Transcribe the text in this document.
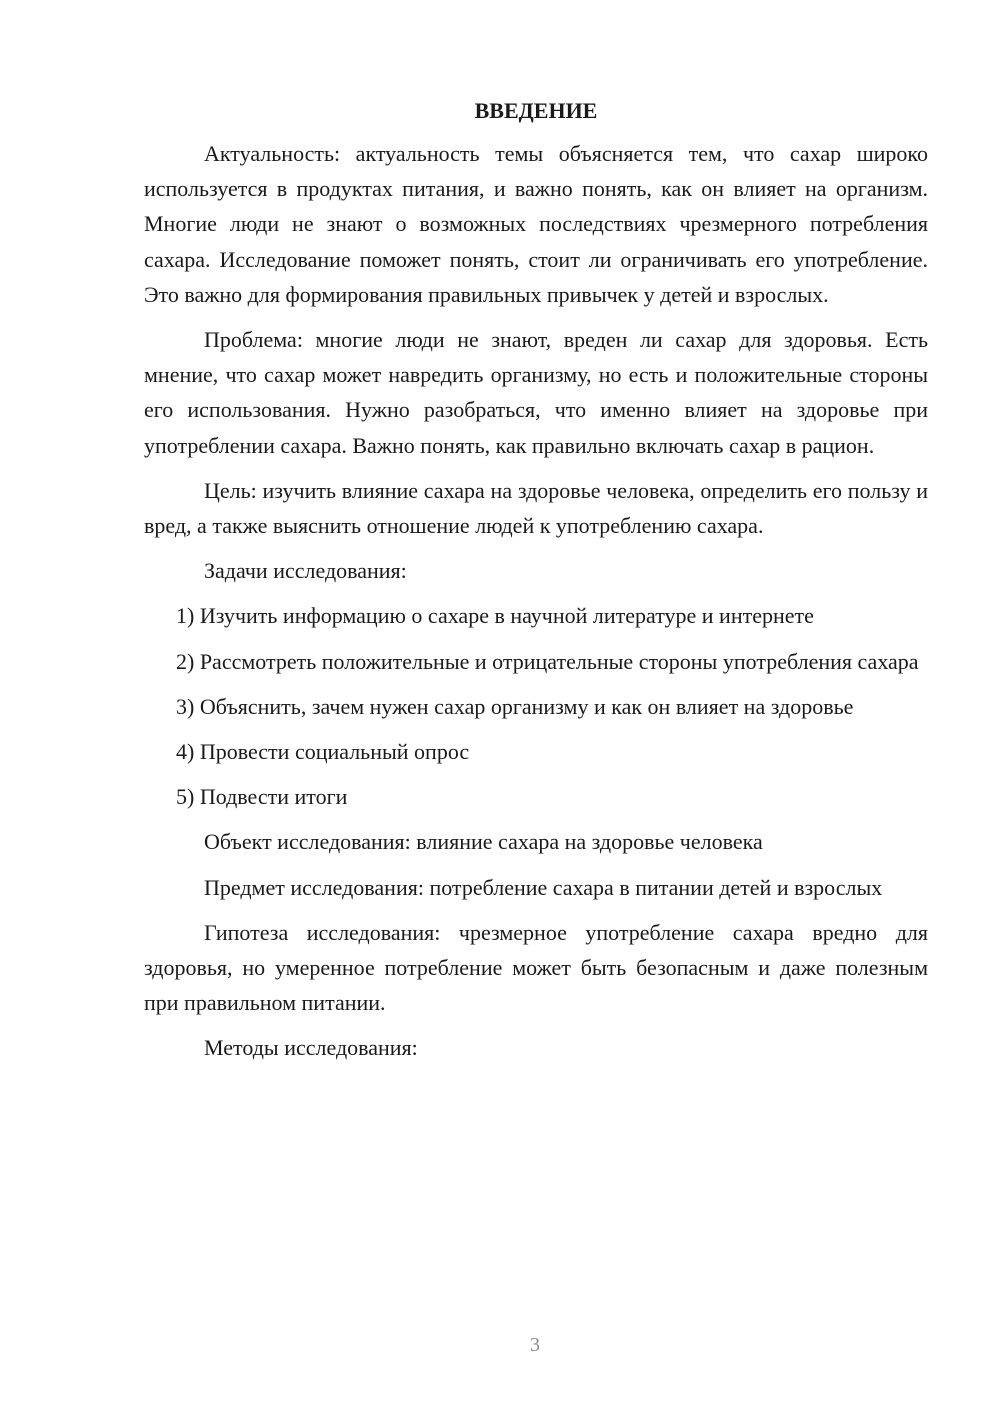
ВВЕДЕНИЕ

Актуальность: актуальность темы объясняется тем, что сахар широко используется в продуктах питания, и важно понять, как он влияет на организм. Многие люди не знают о возможных последствиях чрезмерного потребления сахара. Исследование поможет понять, стоит ли ограничивать его употребление. Это важно для формирования правильных привычек у детей и взрослых.

Проблема: многие люди не знают, вреден ли сахар для здоровья. Есть мнение, что сахар может навредить организму, но есть и положительные стороны его использования. Нужно разобраться, что именно влияет на здоровье при употреблении сахара. Важно понять, как правильно включать сахар в рацион.

Цель: изучить влияние сахара на здоровье человека, определить его пользу и вред, а также выяснить отношение людей к употреблению сахара.

Задачи исследования:

1) Изучить информацию о сахаре в научной литературе и интернете

2) Рассмотреть положительные и отрицательные стороны употребления сахара

3) Объяснить, зачем нужен сахар организму и как он влияет на здоровье

4) Провести социальный опрос

5) Подвести итоги

Объект исследования: влияние сахара на здоровье человека

Предмет исследования: потребление сахара в питании детей и взрослых

Гипотеза исследования: чрезмерное употребление сахара вредно для здоровья, но умеренное потребление может быть безопасным и даже полезным при правильном питании.

Методы исследования:

3
